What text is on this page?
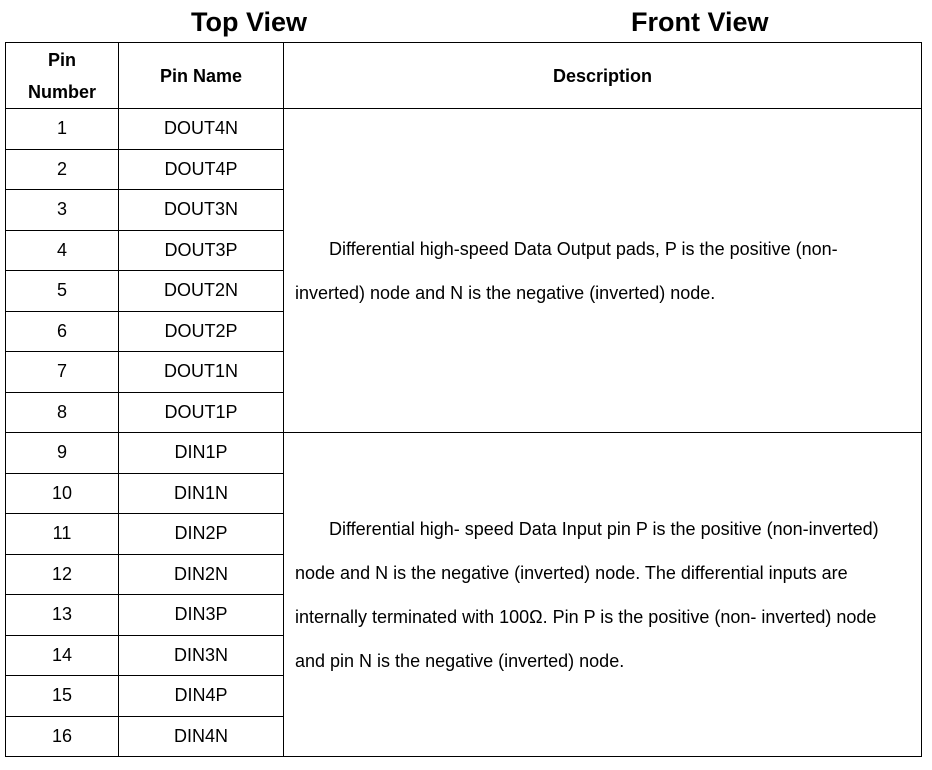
Top View	Front View
Pin
Number	Pin Name	Description
1	DOUT4N	Differential high-speed Data Output pads, P is the positive (non- inverted) node and N is the negative (inverted) node.
2	DOUT4P	
3	DOUT3N	
4	DOUT3P	
5	DOUT2N	
6	DOUT2P	
7	DOUT1N	
8	DOUT1P	
9	DIN1P	Differential high- speed Data Input pin P is the positive (non-inverted) node and N is the negative (inverted) node. The differential inputs are internally terminated with 100Ω. Pin P is the positive (non- inverted) node and pin N is the negative (inverted) node.
10	DIN1N	
11	DIN2P	
12	DIN2N	
13	DIN3P	
14	DIN3N	
15	DIN4P	
16	DIN4N	
